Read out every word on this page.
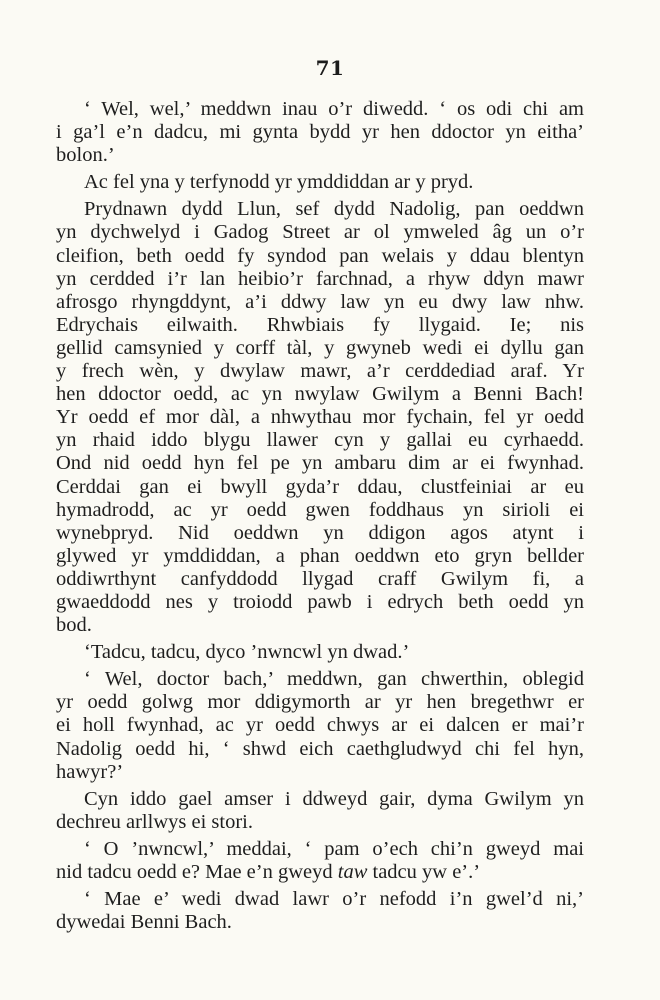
71
‘ Wel, wel,’ meddwn inau o’r diwedd. ‘ os odi chi am
i ga’l e’n dadcu, mi gynta bydd yr hen ddoctor yn eitha’
bolon.’
Ac fel yna y terfynodd yr ymddiddan ar y pryd.
Prydnawn dydd Llun, sef dydd Nadolig, pan oeddwn
yn dychwelyd i Gadog Street ar ol ymweled âg un o’r
cleifion, beth oedd fy syndod pan welais y ddau blentyn
yn cerdded i’r lan heibio’r farchnad, a rhyw ddyn mawr
afrosgo rhyngddynt, a’i ddwy law yn eu dwy law nhw.
Edrychais eilwaith. Rhwbiais fy llygaid. Ie; nis
gellid camsynied y corff tàl, y gwyneb wedi ei dyllu gan
y frech wèn, y dwylaw mawr, a’r cerddediad araf. Yr
hen ddoctor oedd, ac yn nwylaw Gwilym a Benni Bach!
Yr oedd ef mor dàl, a nhwythau mor fychain, fel yr oedd
yn rhaid iddo blygu llawer cyn y gallai eu cyrhaedd.
Ond nid oedd hyn fel pe yn ambaru dim ar ei fwynhad.
Cerddai gan ei bwyll gyda’r ddau, clustfeiniai ar eu
hymadrodd, ac yr oedd gwen foddhaus yn sirioli ei
wynebpryd. Nid oeddwn yn ddigon agos atynt i
glywed yr ymddiddan, a phan oeddwn eto gryn bellder
oddiwrthynt canfyddodd llygad craff Gwilym fi, a
gwaeddodd nes y troiodd pawb i edrych beth oedd yn
bod.
‘Tadcu, tadcu, dyco ’nwncwl yn dwad.’
‘ Wel, doctor bach,’ meddwn, gan chwerthin, oblegid
yr oedd golwg mor ddigymorth ar yr hen bregethwr er
ei holl fwynhad, ac yr oedd chwys ar ei dalcen er mai’r
Nadolig oedd hi, ‘ shwd eich caethgludwyd chi fel hyn,
hawyr?’
Cyn iddo gael amser i ddweyd gair, dyma Gwilym yn
dechreu arllwys ei stori.
‘ O ’nwncwl,’ meddai, ‘ pam o’ech chi’n gweyd mai
nid tadcu oedd e? Mae e’n gweyd taw tadcu yw e’.’
‘ Mae e’ wedi dwad lawr o’r nefodd i’n gwel’d ni,’
dywedai Benni Bach.
